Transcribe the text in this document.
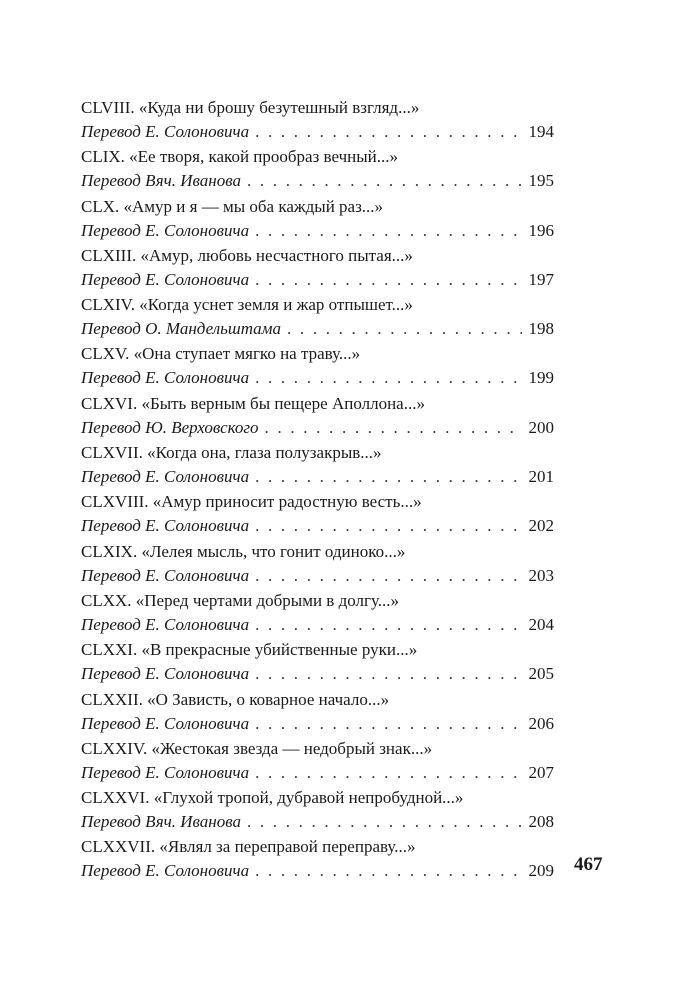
CLVIII. «Куда ни брошу безутешный взгляд...»
Перевод Е. Солоновича . . .	194
CLIX. «Ее творя, какой прообраз вечный...»
Перевод Вяч. Иванова . . .	195
CLX. «Амур и я — мы оба каждый раз...»
Перевод Е. Солоновича . . .	196
CLXIII. «Амур, любовь несчастного пытая...»
Перевод Е. Солоновича . . .	197
CLXIV. «Когда уснет земля и жар отпышет...»
Перевод О. Мандельштама . . .	198
CLXV. «Она ступает мягко на траву...»
Перевод Е. Солоновича . . .	199
CLXVI. «Быть верным бы пещере Аполлона...»
Перевод Ю. Верховского . . .	200
CLXVII. «Когда она, глаза полузакрыв...»
Перевод Е. Солоновича . . .	201
CLXVIII. «Амур приносит радостную весть...»
Перевод Е. Солоновича . . .	202
CLXIX. «Лелея мысль, что гонит одиноко...»
Перевод Е. Солоновича . . .	203
CLXX. «Перед чертами добрыми в долгу...»
Перевод Е. Солоновича . . .	204
CLXXI. «В прекрасные убийственные руки...»
Перевод Е. Солоновича . . .	205
CLXXII. «О Зависть, о коварное начало...»
Перевод Е. Солоновича . . .	206
CLXXIV. «Жестокая звезда — недобрый знак...»
Перевод Е. Солоновича . . .	207
CLXXVI. «Глухой тропой, дубравой непробудной...»
Перевод Вяч. Иванова . . .	208
CLXXVII. «Являл за переправой переправу...»
Перевод Е. Солоновича . . .	209 467
